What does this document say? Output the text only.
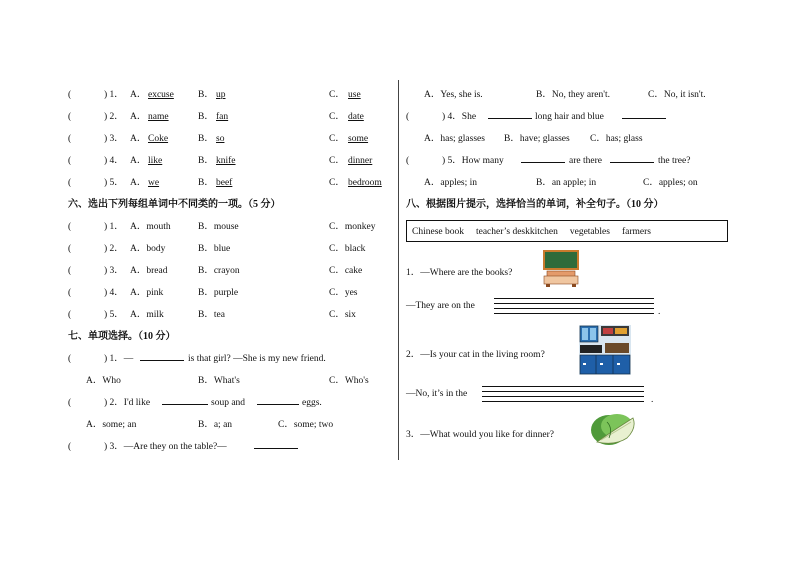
(	) 1． A． excuse	B． up	C． use
(	) 2． A． name	B． fan	C． date
(	) 3． A． Coke	B． so	C． some
(	) 4． A． like	B． knife	C． dinner
(	) 5． A． we	B． beef	C． bedroom
六、选出下列每组单词中不同类的一项。（5 分）
(	) 1． A．mouth	B．mouse	C．monkey
(	) 2． A．body	B．blue	C．black
(	) 3． A．bread	B．crayon	C．cake
(	) 4． A．pink	B．purple	C．yes
(	) 5． A．milk	B．tea	C．six
七、单项选择。（10 分）
(	) 1．—	is that girl? —She is my new friend.
A．Who	B．What's	C．Who's
(	) 2．I'd like	soup and	eggs.
A．some; an	B．a; an	C．some; two
(	) 3．—Are they on the table?—
A．Yes, she is.	B．No, they aren't.	C．No, it isn't.
(	) 4．She	long hair and blue
A．has; glasses B．have; glasses C．has; glass
(	) 5．How many	are there	the tree?
A．apples; in	B．an apple; in	C．apples; on
八、根据图片提示，选择恰当的单词，补全句子。（10 分）
Chinese book teacher’s deskkitchen vegetables farmers
1．—Where are the books?
—They are on the
.
2．—Is your cat in the living room?
—No, it’s in the
.
3．—What would you like for dinner?
